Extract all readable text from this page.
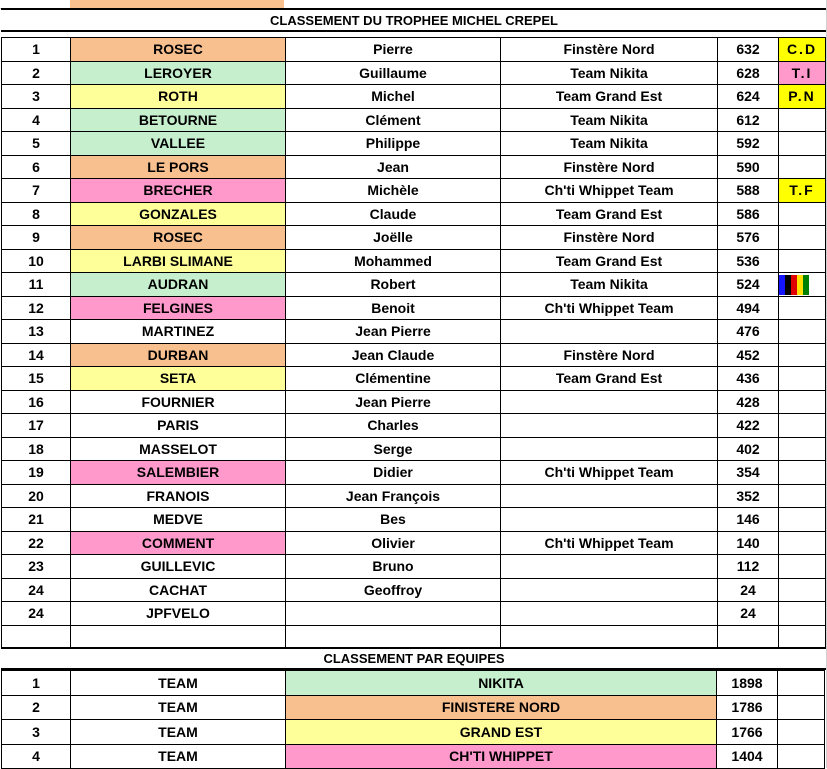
CLASSEMENT DU TROPHEE MICHEL CREPEL
1	ROSEC	Pierre	Finstère Nord	632	C.D
2	LEROYER	Guillaume	Team Nikita	628	T.I
3	ROTH	Michel	Team Grand Est	624	P.N
4	BETOURNE	Clément	Team Nikita	612	
5	VALLEE	Philippe	Team Nikita	592	
6	LE PORS	Jean	Finstère Nord	590	
7	BRECHER	Michèle	Ch'ti Whippet Team	588	T.F
8	GONZALES	Claude	Team Grand Est	586	
9	ROSEC	Joëlle	Finstère Nord	576	
10	LARBI SLIMANE	Mohammed	Team Grand Est	536	
11	AUDRAN	Robert	Team Nikita	524	

12	FELGINES	Benoit	Ch'ti Whippet Team	494	
13	MARTINEZ	Jean Pierre		476	
14	DURBAN	Jean Claude	Finstère Nord	452	
15	SETA	Clémentine	Team Grand Est	436	
16	FOURNIER	Jean Pierre		428	
17	PARIS	Charles		422	
18	MASSELOT	Serge		402	
19	SALEMBIER	Didier	Ch'ti Whippet Team	354	
20	FRANOIS	Jean François		352	
21	MEDVE	Bes		146	
22	COMMENT	Olivier	Ch'ti Whippet Team	140	
23	GUILLEVIC	Bruno		112	
24	CACHAT	Geoffroy		24	
24	JPFVELO			24	

CLASSEMENT PAR EQUIPES
1	TEAM	NIKITA	1898	
2	TEAM	FINISTERE NORD	1786	
3	TEAM	GRAND EST	1766	
4	TEAM	CH'TI WHIPPET	1404	
